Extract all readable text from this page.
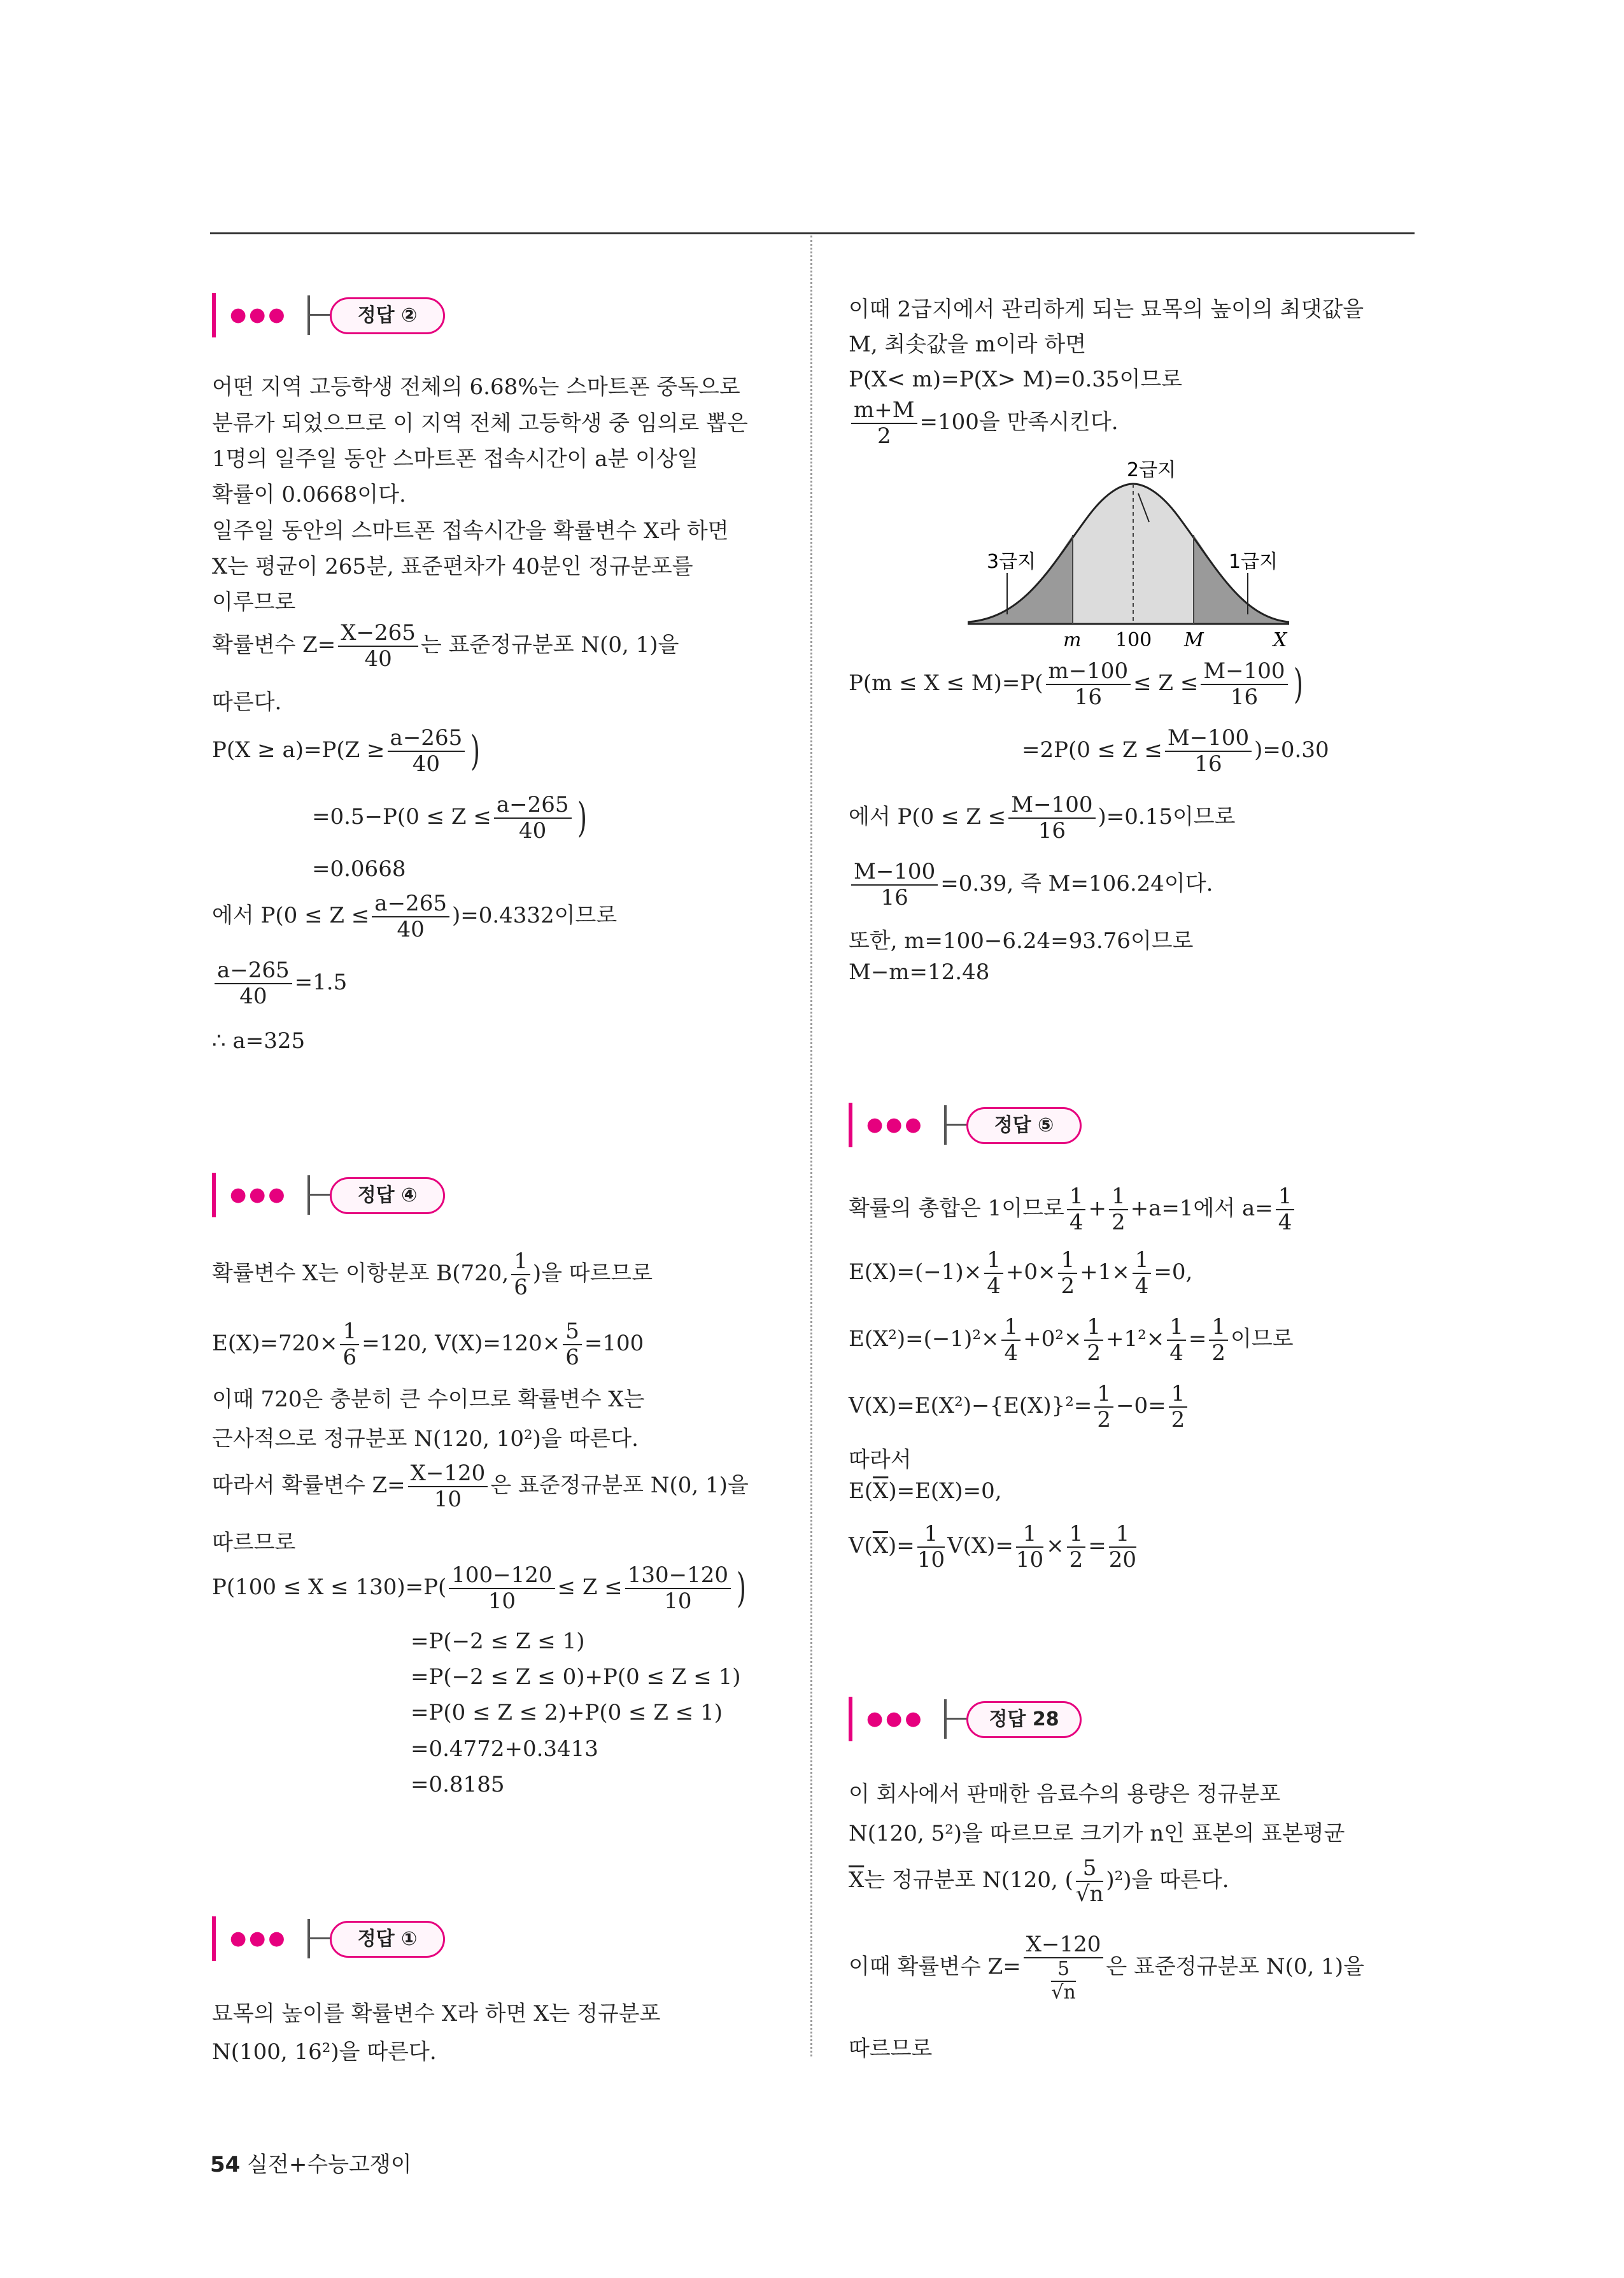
●●●	정답 ②
어떤 지역 고등학생 전체의 6.68%는 스마트폰 중독으로
분류가 되었으므로 이 지역 전체 고등학생 중 임의로 뽑은
1명의 일주일 동안 스마트폰 접속시간이 a분 이상일
확률이 0.0668이다.
일주일 동안의 스마트폰 접속시간을 확률변수 X라 하면
X는 평균이 265분, 표준편차가 40분인 정규분포를
이루므로
확률변수 $Z= \frac{X-265}{40}$ 는 표준정규분포 N(0, 1)을
따른다.
$P(X \ge a)=P(Z \ge \frac{a-265}{40}$ )
$=0.5-P(0 \le Z \le \frac{a-265}{40}$ )
=0.0668
에서 $P(0 \le Z \le \frac{a-265}{40} )=0.4332$이므로
$\frac{a-265}{40} =1.5$
∴ a=325
●●●	정답 ④
확률변수 X는 이항분포 B(720, $\frac{1}{6}$ )을 따르므로
$E(X)=720\times \frac{1}{6} =120$, $V(X)=120\times \frac{5}{6} =100$
이때 720은 충분히 큰 수이므로 확률변수 X는
근사적으로 정규분포 N(120, 10²)을 따른다.
따라서 확률변수 $Z= \frac{X-120}{10}$ 은 표준정규분포 N(0, 1)을
따르므로
$P(100 \le X \le 130)=P( \frac{100-120}{10} \le Z \le \frac{130-120}{10}$ )
=P(−2 ≤ Z ≤ 1)
=P(−2 ≤ Z ≤ 0)+P(0 ≤ Z ≤ 1)
=P(0 ≤ Z ≤ 2)+P(0 ≤ Z ≤ 1)
=0.4772+0.3413
=0.8185
●●●	정답 ①
묘목의 높이를 확률변수 X라 하면 X는 정규분포
N(100, 16²)을 따른다.
이때 2급지에서 관리하게 되는 묘목의 높이의 최댓값을
M, 최솟값을 m이라 하면
P(X< m)=P(X> M)=0.35이므로
$\frac{m+M}{2} =100$을 만족시킨다.
2급지
3급지	1급지
m 100 M	X
$P(m \le X \le M)=P( \frac{m-100}{16} \le Z \le \frac{M-100}{16}$ )
$=2P(0 \le Z \le \frac{M-100}{16} )=0.30$
에서 $P(0 \le Z \le \frac{M-100}{16} )=0.15$이므로
$\frac{M-100}{16} =0.39$, 즉 M=106.24이다.
또한, m=100−6.24=93.76이므로
M−m=12.48
●●●	정답 ⑤
확률의 총합은 1이므로 $\frac{1}{4} + \frac{1}{2} +a=1$에서 $a= \frac{1}{4}$
$E(X)=(-1)\times \frac{1}{4} +0\times \frac{1}{2} +1\times \frac{1}{4} =0$,
$E(X^2)=(-1)^2\times \frac{1}{4} +0^2\times \frac{1}{2} +1^2\times \frac{1}{4} = \frac{1}{2}$ 이므로
$V(X)=E(X^2)-\{E(X)\}^2= \frac{1}{2} -0= \frac{1}{2}$
따라서
$E(\overline{X})=E(X)=0$,
$V(\overline{X})= \frac{1}{10} V(X)= \frac{1}{10} \times \frac{1}{2} = \frac{1}{20}$
●●●	정답 28
이 회사에서 판매한 음료수의 용량은 정규분포
N(120, 5²)을 따르므로 크기가 n인 표본의 표본평균
$\overline{X}$는 정규분포 N(120, ( $\frac{5}{√n} )^2$)을 따른다.
이때 확률변수 $Z= \frac{X-120}{\frac{5}{√n}}$ 은 표준정규분포 N(0, 1)을
따르므로
54 실전+수능고쟁이
